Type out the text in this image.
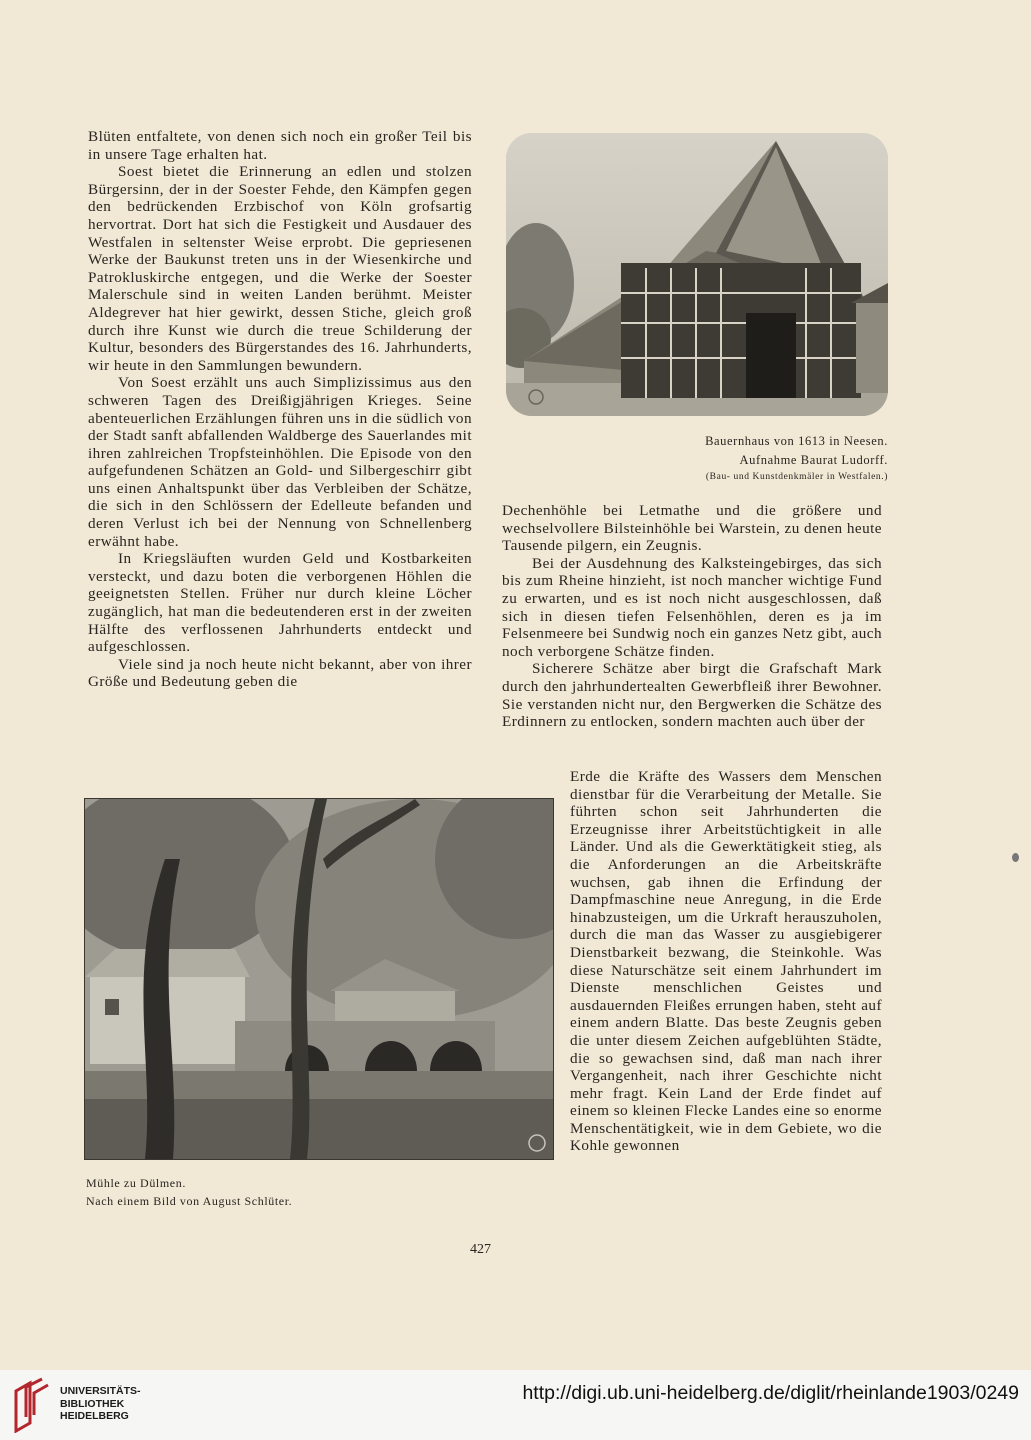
Blüten entfaltete, von denen sich noch ein großer Teil bis in unsere Tage erhalten hat.

Soest bietet die Erinnerung an edlen und stolzen Bürgersinn, der in der Soester Fehde, den Kämpfen gegen den bedrückenden Erzbischof von Köln grofsartig hervortrat. Dort hat sich die Festigkeit und Ausdauer des Westfalen in seltenster Weise erprobt. Die gepriesenen Werke der Baukunst treten uns in der Wiesenkirche und Patrokluskirche entgegen, und die Werke der Soester Malerschule sind in weiten Landen berühmt. Meister Aldegrever hat hier gewirkt, dessen Stiche, gleich groß durch ihre Kunst wie durch die treue Schilderung der Kultur, besonders des Bürgerstandes des 16. Jahrhunderts, wir heute in den Sammlungen bewundern.

Von Soest erzählt uns auch Simplizissimus aus den schweren Tagen des Dreißigjährigen Krieges. Seine abenteuerlichen Erzählungen führen uns in die südlich von der Stadt sanft abfallenden Waldberge des Sauerlandes mit ihren zahlreichen Tropfsteinhöhlen. Die Episode von den aufgefundenen Schätzen an Gold- und Silbergeschirr gibt uns einen Anhaltspunkt über das Verbleiben der Schätze, die sich in den Schlössern der Edelleute befanden und deren Verlust ich bei der Nennung von Schnellenberg erwähnt habe.

In Kriegsläuften wurden Geld und Kostbarkeiten versteckt, und dazu boten die verborgenen Höhlen die geeignetsten Stellen. Früher nur durch kleine Löcher zugänglich, hat man die bedeutenderen erst in der zweiten Hälfte des verflossenen Jahrhunderts entdeckt und aufgeschlossen.

Viele sind ja noch heute nicht bekannt, aber von ihrer Größe und Bedeutung geben die

Bauernhaus von 1613 in Neesen.
Aufnahme Baurat Ludorff.
(Bau- und Kunstdenkmäler in Westfalen.)

Dechenhöhle bei Letmathe und die größere und wechselvollere Bilsteinhöhle bei Warstein, zu denen heute Tausende pilgern, ein Zeugnis.

Bei der Ausdehnung des Kalksteingebirges, das sich bis zum Rheine hinzieht, ist noch mancher wichtige Fund zu erwarten, und es ist noch nicht ausgeschlossen, daß sich in diesen tiefen Felsenhöhlen, deren es ja im Felsenmeere bei Sundwig noch ein ganzes Netz gibt, auch noch verborgene Schätze finden.

Sicherere Schätze aber birgt die Grafschaft Mark durch den jahrhundertealten Gewerbfleiß ihrer Bewohner. Sie verstanden nicht nur, den Bergwerken die Schätze des Erdinnern zu entlocken, sondern machten auch über der

Erde die Kräfte des Wassers dem Menschen dienstbar für die Verarbeitung der Metalle. Sie führten schon seit Jahrhunderten die Erzeugnisse ihrer Arbeitstüchtigkeit in alle Länder. Und als die Gewerktätigkeit stieg, als die Anforderungen an die Arbeitskräfte wuchsen, gab ihnen die Erfindung der Dampfmaschine neue Anregung, in die Erde hinabzusteigen, um die Urkraft herauszuholen, durch die man das Wasser zu ausgiebigerer Dienstbarkeit bezwang, die Steinkohle. Was diese Naturschätze seit einem Jahrhundert im Dienste menschlichen Geistes und ausdauernden Fleißes errungen haben, steht auf einem andern Blatte. Das beste Zeugnis geben die unter diesem Zeichen aufgeblühten Städte, die so gewachsen sind, daß man nach ihrer Vergangenheit, nach ihrer Geschichte nicht mehr fragt. Kein Land der Erde findet auf einem so kleinen Flecke Landes eine so enorme Menschentätigkeit, wie in dem Gebiete, wo die Kohle gewonnen

Mühle zu Dülmen.
Nach einem Bild von August Schlüter.
427
UNIVERSITÄTS-
BIBLIOTHEK
HEIDELBERG
http://digi.ub.uni-heidelberg.de/diglit/rheinlande1903/0249
